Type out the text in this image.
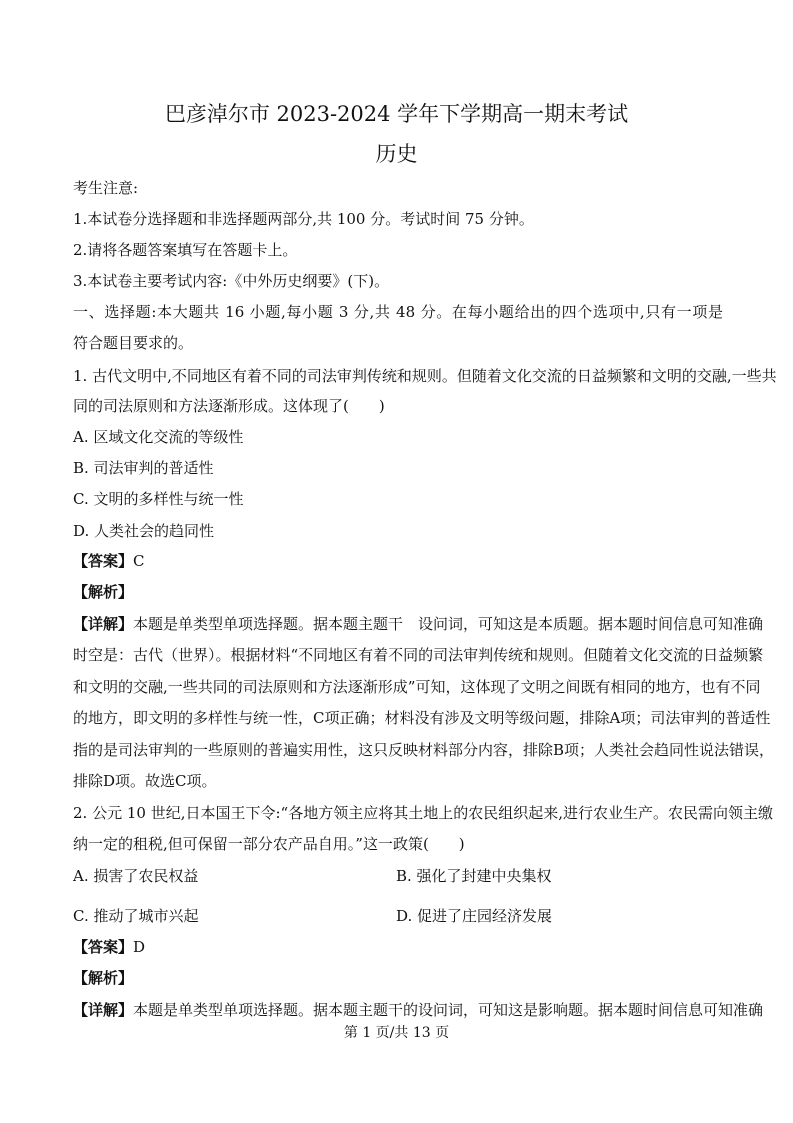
巴彦淖尔市 2023-2024 学年下学期高一期末考试
历史
考生注意:
1.本试卷分选择题和非选择题两部分,共 100 分。考试时间 75 分钟。
2.请将各题答案填写在答题卡上。
3.本试卷主要考试内容:《中外历史纲要》(下)。
一、选择题:本大题共 16 小题,每小题 3 分,共 48 分。在每小题给出的四个选项中,只有一项是
符合题目要求的。
1. 古代文明中,不同地区有着不同的司法审判传统和规则。但随着文化交流的日益频繁和文明的交融,一些共
同的司法原则和方法逐渐形成。这体现了(　　)
A. 区域文化交流的等级性
B. 司法审判的普适性
C. 文明的多样性与统一性
D. 人类社会的趋同性
【答案】C
【解析】
【详解】本题是单类型单项选择题。据本题主题干　设问词，可知这是本质题。据本题时间信息可知准确
时空是：古代（世界）。根据材料“不同地区有着不同的司法审判传统和规则。但随着文化交流的日益频繁
和文明的交融,一些共同的司法原则和方法逐渐形成”可知，这体现了文明之间既有相同的地方，也有不同
的地方，即文明的多样性与统一性，C项正确；材料没有涉及文明等级问题，排除A项；司法审判的普适性
指的是司法审判的一些原则的普遍实用性，这只反映材料部分内容，排除B项；人类社会趋同性说法错误，
排除D项。故选C项。
2. 公元 10 世纪,日本国王下令:“各地方领主应将其土地上的农民组织起来,进行农业生产。农民需向领主缴
纳一定的租税,但可保留一部分农产品自用。”这一政策(　　)
A. 损害了农民权益	B. 强化了封建中央集权
C. 推动了城市兴起	D. 促进了庄园经济发展
【答案】D
【解析】
【详解】本题是单类型单项选择题。据本题主题干的设问词，可知这是影响题。据本题时间信息可知准确
第 1 页/共 13 页
